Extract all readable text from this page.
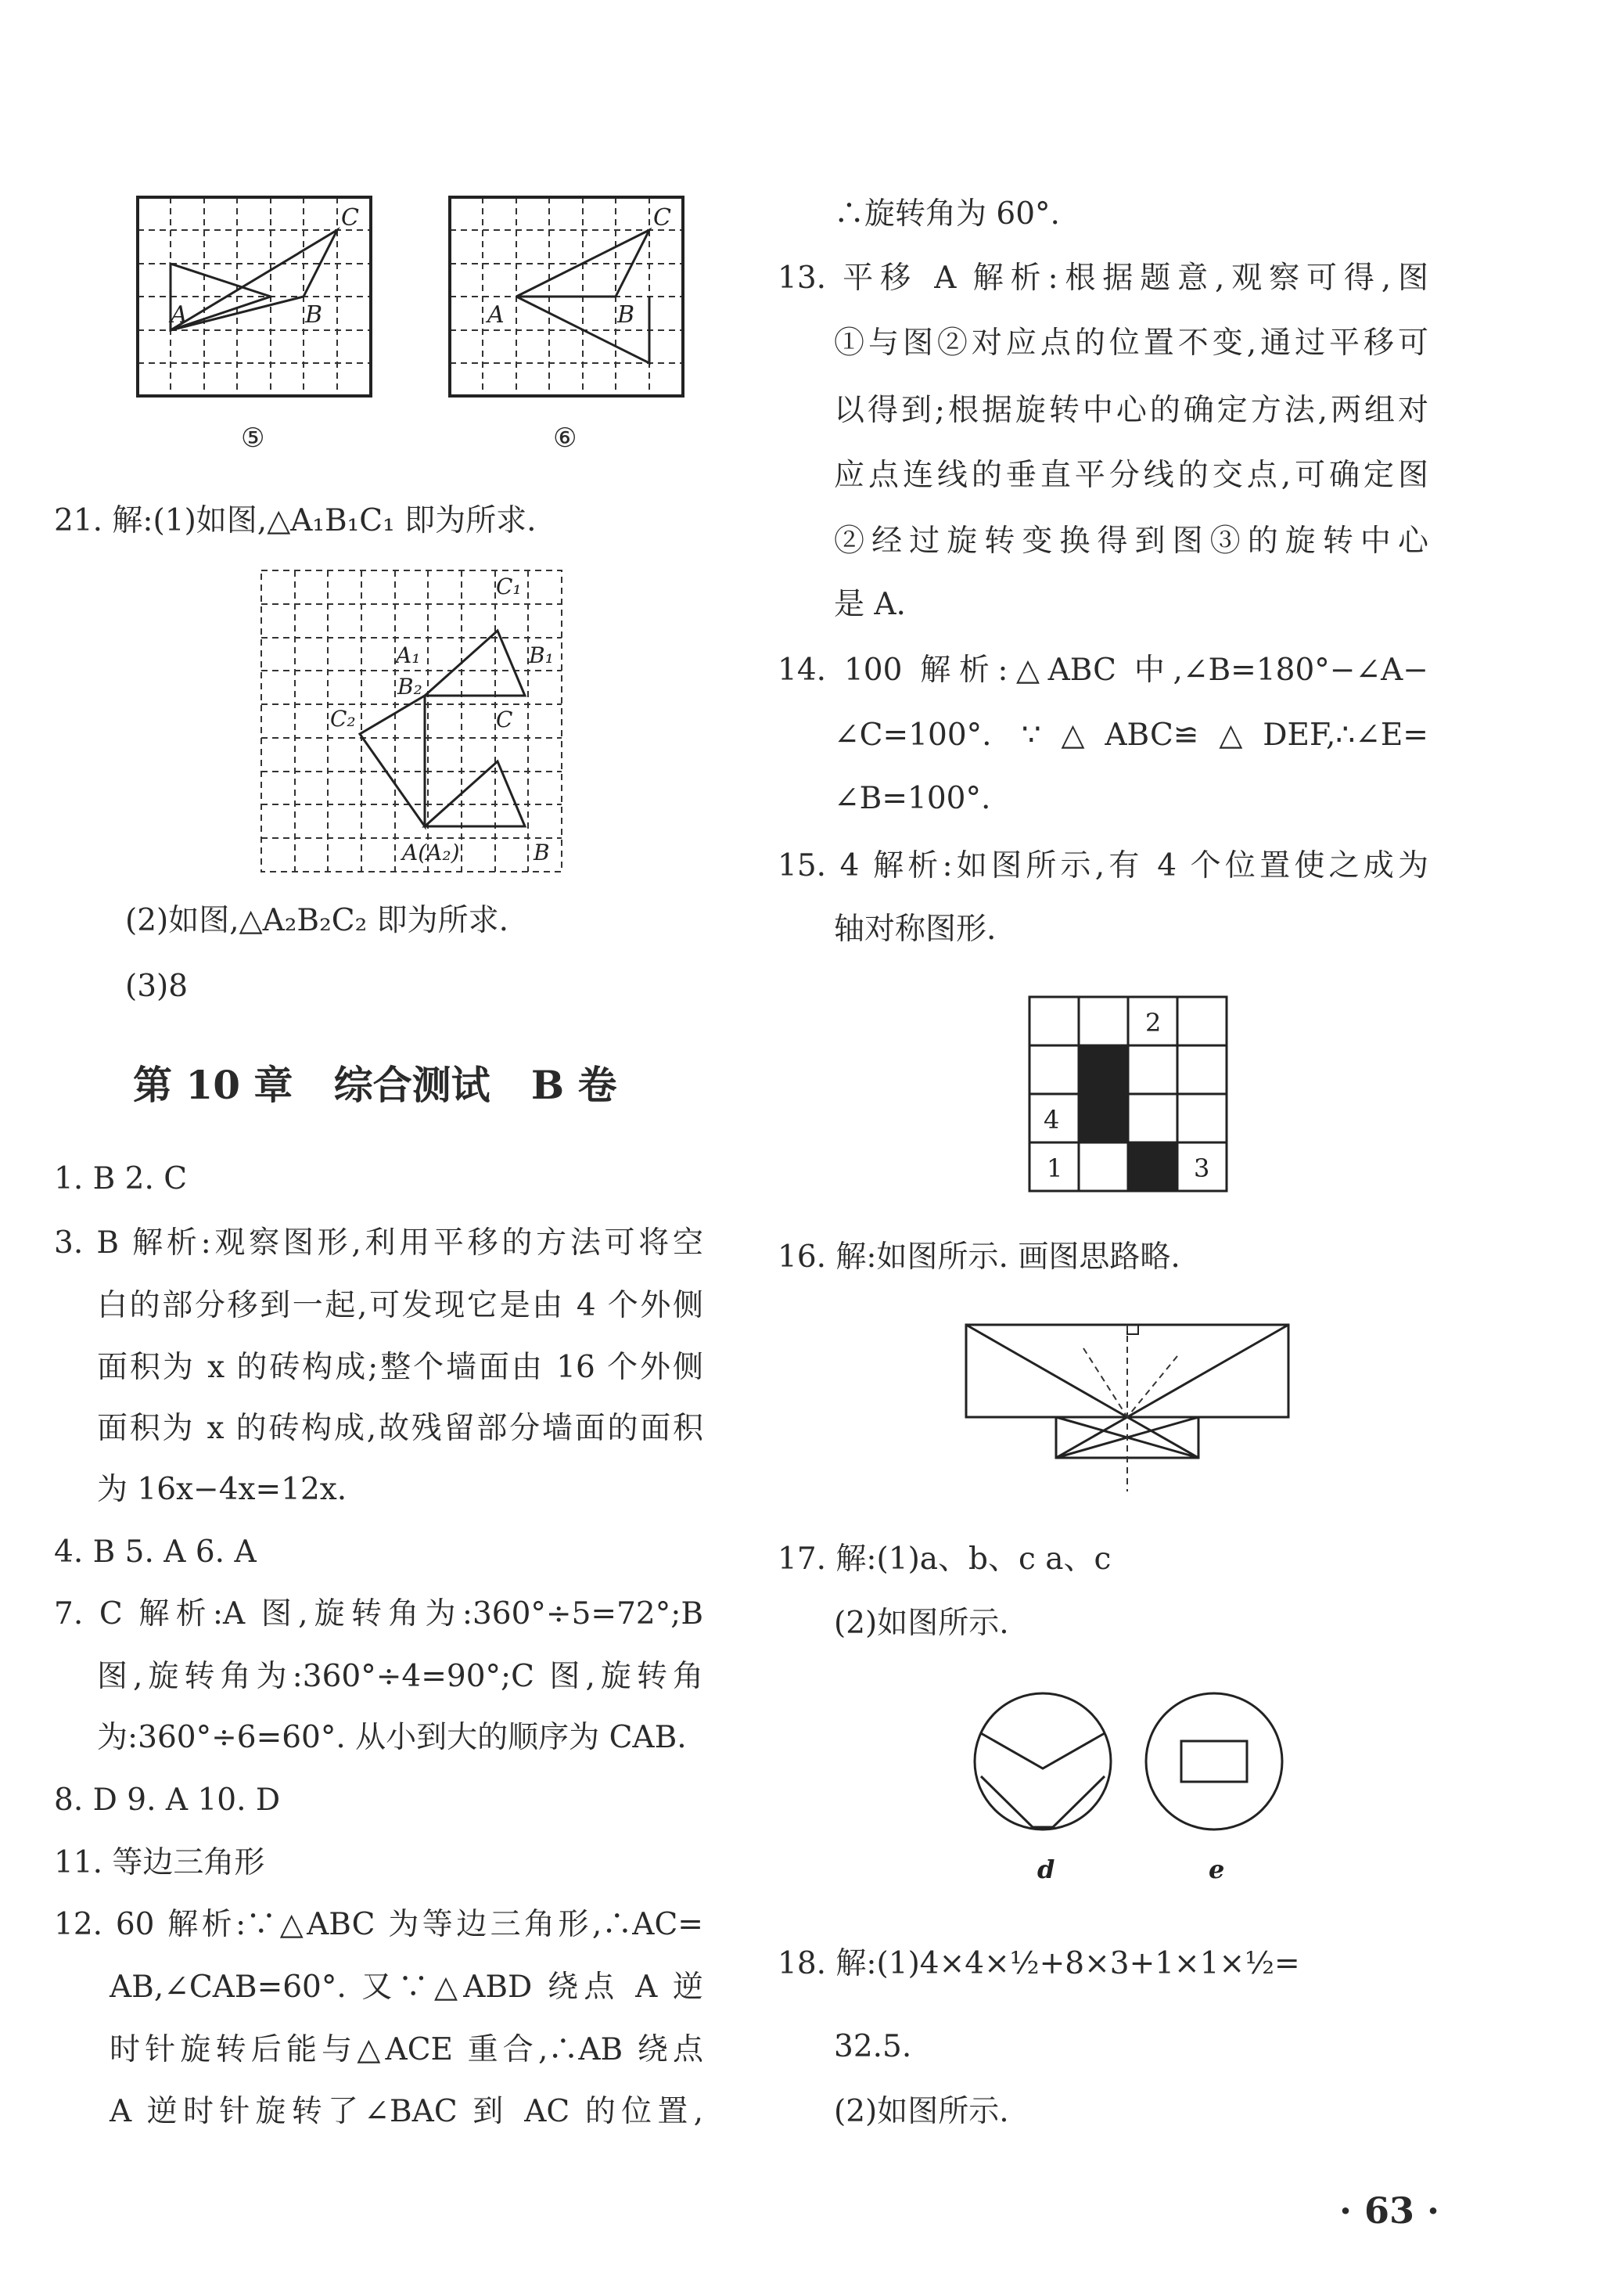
C
A	B
⑤
C
A	B
⑥
21. 解:(1)如图,△A₁B₁C₁ 即为所求.
C₁
A₁	B₁
B₂
C₂	C
A(A₂)	B
(2)如图,△A₂B₂C₂ 即为所求.
(3)8
第 10 章   综合测试   B 卷
1. B 2. C
3. B 解析:观察图形,利用平移的方法可将空
白的部分移到一起,可发现它是由 4 个外侧
面积为 x 的砖构成;整个墙面由 16 个外侧
面积为 x 的砖构成,故残留部分墙面的面积
为 16x−4x=12x.
4. B 5. A 6. A
7. C 解析:A 图,旋转角为:360°÷5=72°;B
图,旋转角为:360°÷4=90°;C 图,旋转角
为:360°÷6=60°. 从小到大的顺序为 CAB.
8. D 9. A 10. D
11. 等边三角形
12. 60 解析:∵△ABC 为等边三角形,∴AC=
AB,∠CAB=60°. 又∵△ABD 绕点 A 逆
时针旋转后能与△ACE 重合,∴AB 绕点
A 逆时针旋转了∠BAC 到 AC 的位置,
∴旋转角为 60°.
13. 平移 A 解析:根据题意,观察可得,图
①与图②对应点的位置不变,通过平移可
以得到;根据旋转中心的确定方法,两组对
应点连线的垂直平分线的交点,可确定图
②经过旋转变换得到图③的旋转中心
是 A.
14. 100 解析:△ABC 中,∠B=180°−∠A−
∠C=100°. ∵△ABC≌△DEF,∴∠E=
∠B=100°.
15. 4 解析:如图所示,有 4 个位置使之成为
轴对称图形.
2
4
1	3
16. 解:如图所示. 画图思路略.
17. 解:(1)a、b、c a、c
(2)如图所示.
d	e
18. 解:(1)4×4×½+8×3+1×1×½=
32.5.
(2)如图所示.
· 63 ·
